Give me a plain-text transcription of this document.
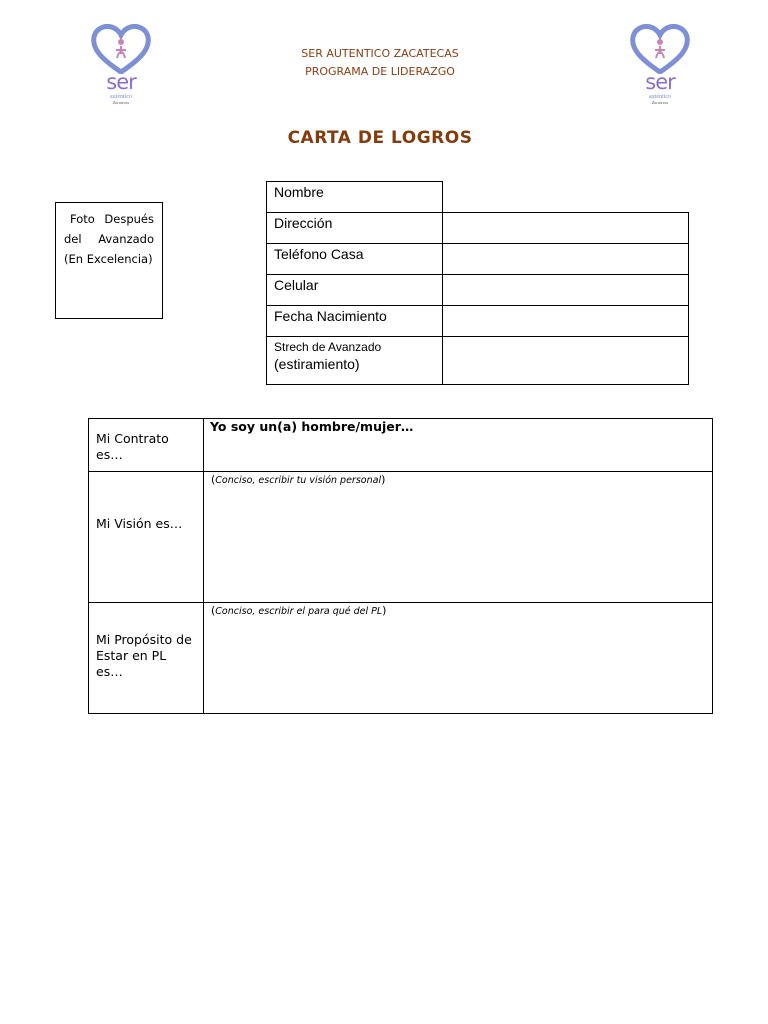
ser
auténtico
Zacatecas
ser
auténtico
Zacatecas
SER AUTENTICO ZACATECAS
PROGRAMA DE LIDERAZGO
CARTA DE LOGROS
Foto Después
del Avanzado
(En Excelencia)
Nombre
Dirección
Teléfono Casa
Celular
Fecha Nacimiento
Strech de Avanzado
(estiramiento)
Mi Contrato es…
Yo soy un(a) hombre/mujer…
Mi Visión es…
(Conciso, escribir tu visión personal)
Mi Propósito de Estar en PL es…
(Conciso, escribir el para qué del PL)
